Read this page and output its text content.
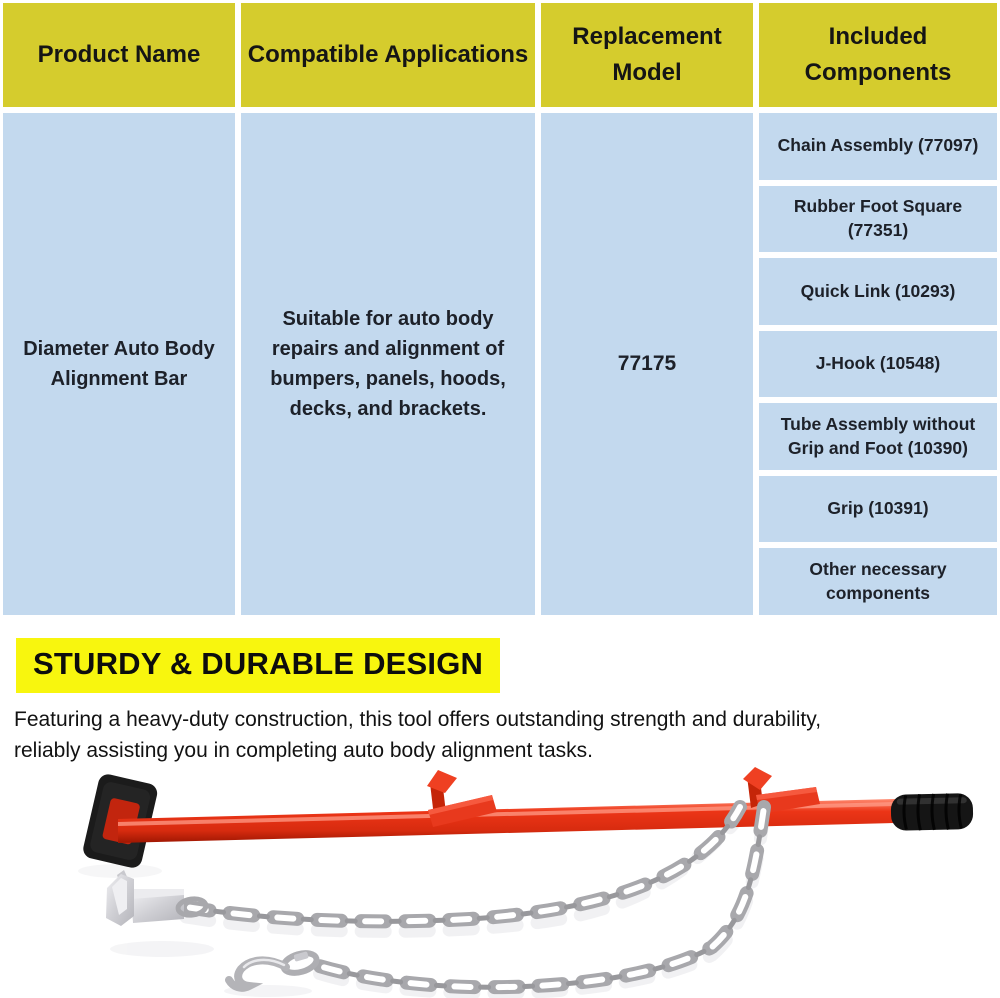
Product Name	Compatible Applications
Replacement Model
Included Components
Diameter Auto Body Alignment Bar
Suitable for auto body repairs and alignment of bumpers, panels, hoods, decks, and brackets.
77175
Chain Assembly (77097)
Rubber Foot Square (77351)
Quick Link (10293)
J-Hook (10548)
Tube Assembly without Grip and Foot (10390)
Grip (10391)
Other necessary components
STURDY & DURABLE DESIGN
Featuring a heavy-duty construction, this tool offers outstanding strength and durability,
reliably assisting you in completing auto body alignment tasks.
